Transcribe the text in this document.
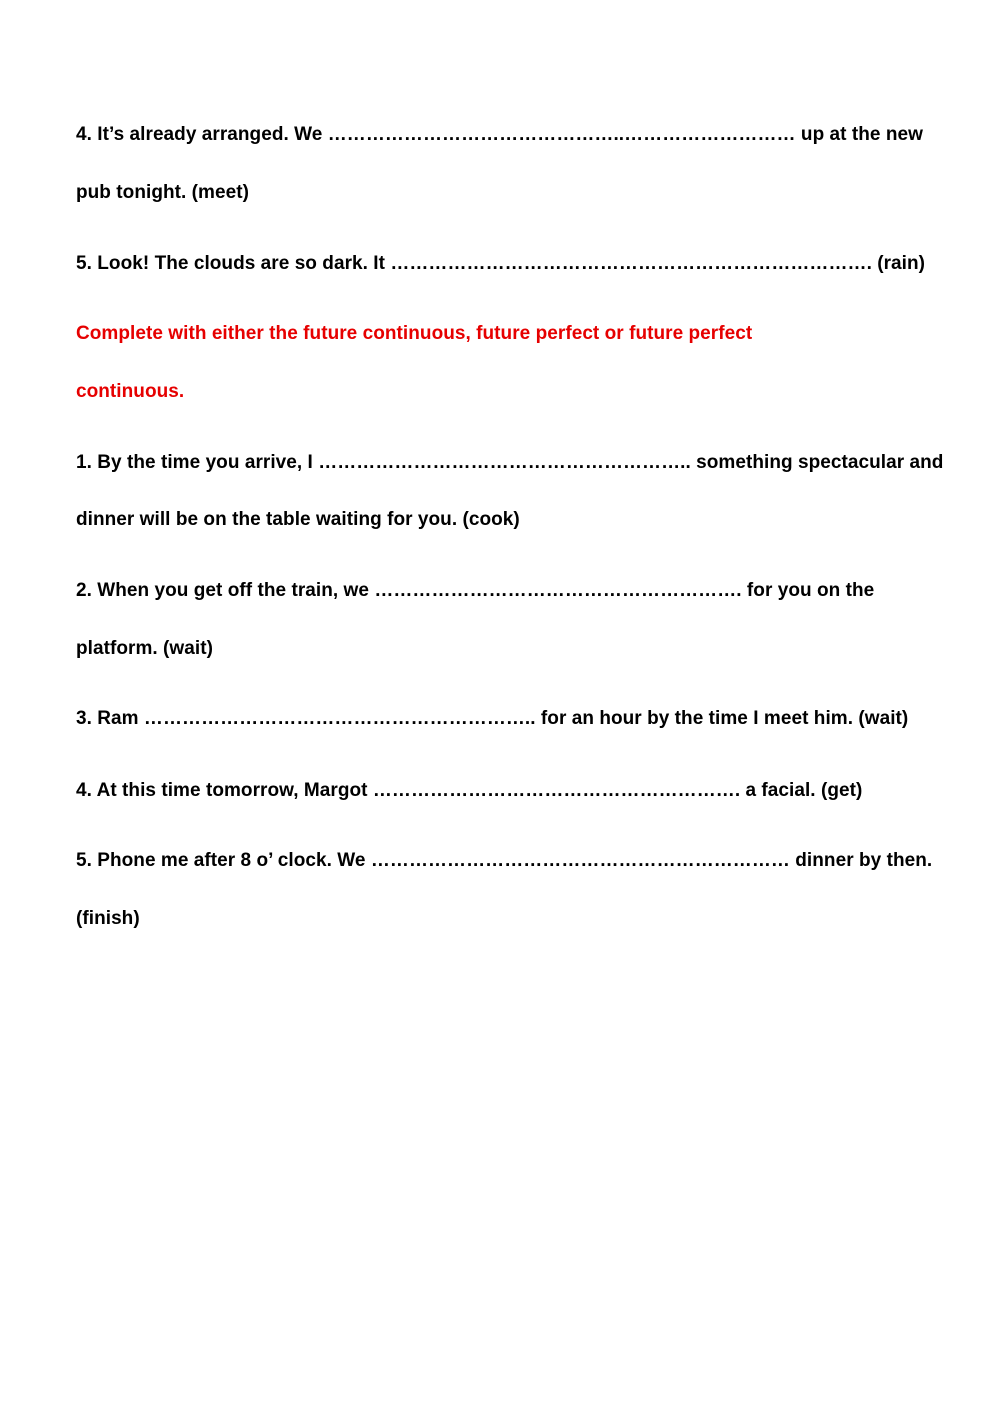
4. It’s already arranged. We ………………………………………..……………………… up at the new

pub tonight. (meet)

5. Look! The clouds are so dark. It …………………………………………………………………. (rain)

Complete with either the future continuous, future perfect or future perfect

continuous.

1. By the time you arrive, I ………………………………………………….. something spectacular and

dinner will be on the table waiting for you. (cook)

2. When you get off the train, we …………………………………………………. for you on the

platform. (wait)

3. Ram …………………………………………………….. for an hour by the time I meet him. (wait)

4. At this time tomorrow, Margot …………………………………………………. a facial. (get)

5. Phone me after 8 o’ clock. We ………………………………………………………… dinner by then.

(finish)
